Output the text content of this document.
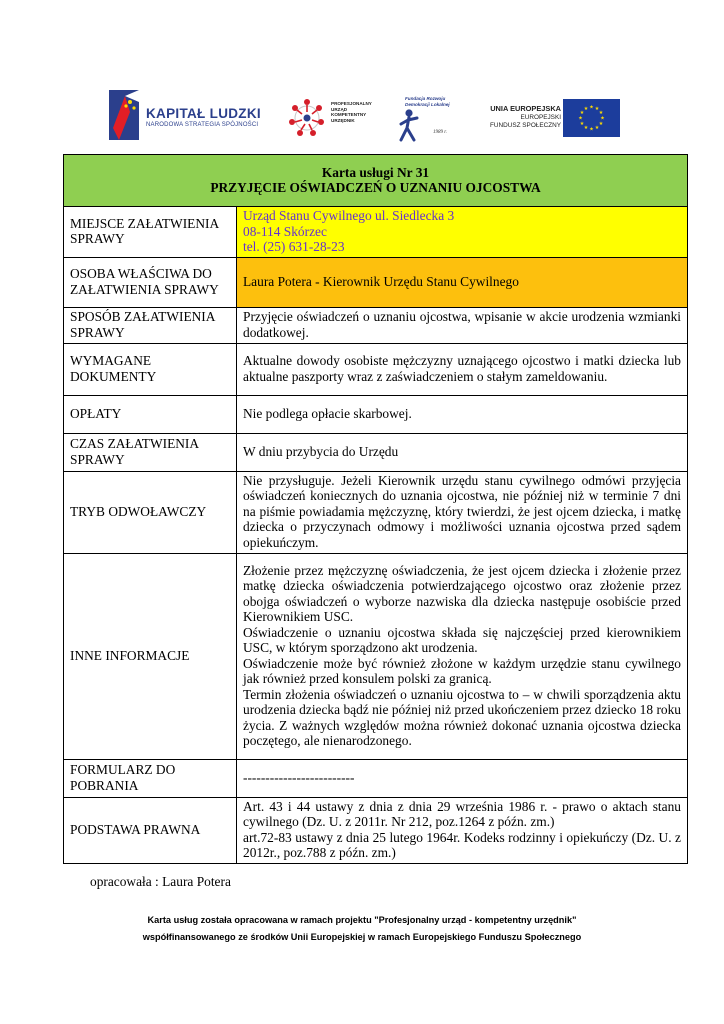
KAPITAŁ LUDZKI
NARODOWA STRATEGIA SPÓJNOŚCI
PROFESJONALNY
URZĄD
KOMPETENTNY
URZĘDNIK
Fundacja Rozwoju
Demokracji Lokalnej
1989 r.
UNIA EUROPEJSKA
EUROPEJSKI
FUNDUSZ SPOŁECZNY
★ ★
★
★
★
★
★
★
★
★
★
★
Karta usługi Nr 31
PRZYJĘCIE OŚWIADCZEŃ O UZNANIU OJCOSTWA	

MIEJSCE ZAŁATWIENIA SPRAWY	Urząd Stanu Cywilnego ul. Siedlecka 3
08-114 Skórzec
tel. (25) 631-28-23

OSOBA WŁAŚCIWA DO ZAŁATWIENIA SPRAWY	Laura Potera - Kierownik Urzędu Stanu Cywilnego
SPOSÓB ZAŁATWIENIA SPRAWY	Przyjęcie oświadczeń o uznaniu ojcostwa, wpisanie w akcie urodzenia wzmianki dodatkowej.
WYMAGANE DOKUMENTY	Aktualne dowody osobiste mężczyzny uznającego ojcostwo i matki dziecka lub aktualne paszporty wraz z zaświadczeniem o stałym zameldowaniu.
OPŁATY	Nie podlega opłacie skarbowej.
CZAS ZAŁATWIENIA SPRAWY	W dniu przybycia do Urzędu
TRYB ODWOŁAWCZY	Nie przysługuje. Jeżeli Kierownik urzędu stanu cywilnego odmówi przyjęcia oświadczeń koniecznych do uznania ojcostwa, nie później niż w terminie 7 dni na piśmie powiadamia mężczyznę, który twierdzi, że jest ojcem dziecka, i matkę dziecka o przyczynach odmowy i możliwości uznania ojcostwa przed sądem opiekuńczym.
INNE INFORMACJE	Złożenie przez mężczyznę oświadczenia, że jest ojcem dziecka i złożenie przez matkę dziecka oświadczenia potwierdzającego ojcostwo oraz złożenie przez obojga oświadczeń o wyborze nazwiska dla dziecka następuje osobiście przed Kierownikiem USC.
Oświadczenie o uznaniu ojcostwa składa się najczęściej przed kierownikiem USC, w którym sporządzono akt urodzenia.
Oświadczenie może być również złożone w każdym urzędzie stanu cywilnego jak również przed konsulem polski za granicą.
Termin złożenia oświadczeń o uznaniu ojcostwa to – w chwili sporządzenia aktu urodzenia dziecka bądź nie później niż przed ukończeniem przez dziecko 18 roku życia. Z ważnych względów można również dokonać uznania ojcostwa dziecka poczętego, ale nienarodzonego.

FORMULARZ DO POBRANIA	-------------------------
PODSTAWA PRAWNA	Art. 43 i 44 ustawy z dnia z dnia 29 września 1986 r. - prawo o aktach stanu cywilnego (Dz. U. z 2011r. Nr 212, poz.1264 z późn. zm.)
art.72-83 ustawy z dnia 25 lutego 1964r. Kodeks rodzinny i opiekuńczy (Dz. U. z 2012r., poz.788 z późn. zm.)
opracowała : Laura Potera
Karta usług została opracowana w ramach projektu "Profesjonalny urząd - kompetentny urzędnik"
współfinansowanego ze środków Unii Europejskiej w ramach Europejskiego Funduszu Społecznego
